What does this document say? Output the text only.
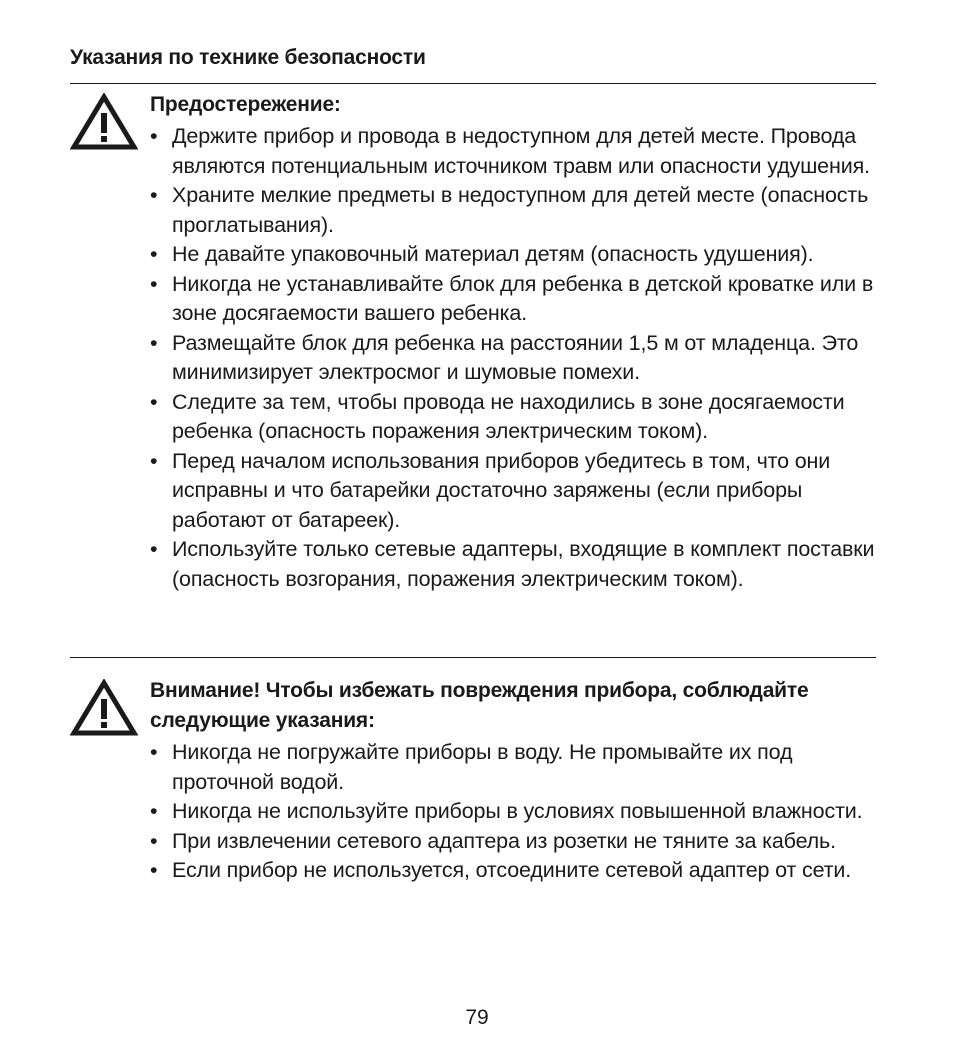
Указания по технике безопасности
Предостережение:
• Держите прибор и провода в недоступном для детей месте. Провода являются потенциальным источником травм или опасности удушения.
• Храните мелкие предметы в недоступном для детей месте (опасность проглатывания).
• Не давайте упаковочный материал детям (опасность удушения).
• Никогда не устанавливайте блок для ребенка в детской кроватке или в зоне досягаемости вашего ребенка.
• Размещайте блок для ребенка на расстоянии 1,5 м от младенца. Это минимизирует электросмог и шумовые помехи.
• Следите за тем, чтобы провода не находились в зоне досягаемости ребенка (опасность поражения электрическим током).
• Перед началом использования приборов убедитесь в том, что они исправны и что батарейки достаточно заряжены (если приборы работают от батареек).
• Используйте только сетевые адаптеры, входящие в комплект поставки (опасность возгорания, поражения электрическим током).
Внимание! Чтобы избежать повреждения прибора, соблюдайте следующие указания:
• Никогда не погружайте приборы в воду. Не промывайте их под проточной водой.
• Никогда не используйте приборы в условиях повышенной влажности.
• При извлечении сетевого адаптера из розетки не тяните за кабель.
• Если прибор не используется, отсоедините сетевой адаптер от сети.
79
